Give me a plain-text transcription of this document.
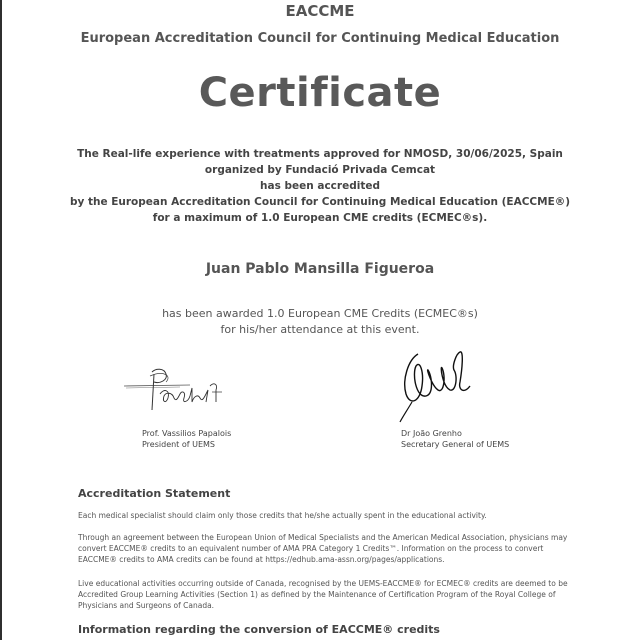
EACCME
European Accreditation Council for Continuing Medical Education
Certificate
The Real-life experience with treatments approved for NMOSD, 30/06/2025, Spain
organized by Fundació Privada Cemcat
has been accredited
by the European Accreditation Council for Continuing Medical Education (EACCME®)
for a maximum of 1.0 European CME credits (ECMEC®s).
Juan Pablo Mansilla Figueroa
has been awarded 1.0 European CME Credits (ECMEC®s)
for his/her attendance at this event.
Prof. Vassilios Papalois
President of UEMS
Dr João Grenho
Secretary General of UEMS
Accreditation Statement
Each medical specialist should claim only those credits that he/she actually spent in the educational activity.
Through an agreement between the European Union of Medical Specialists and the American Medical Association, physicians may
convert EACCME® credits to an equivalent number of AMA PRA Category 1 Credits™. Information on the process to convert
EACCME® credits to AMA credits can be found at https://edhub.ama-assn.org/pages/applications.
Live educational activities occurring outside of Canada, recognised by the UEMS-EACCME® for ECMEC® credits are deemed to be
Accredited Group Learning Activities (Section 1) as defined by the Maintenance of Certification Program of the Royal College of
Physicians and Surgeons of Canada.
Information regarding the conversion of EACCME® credits
